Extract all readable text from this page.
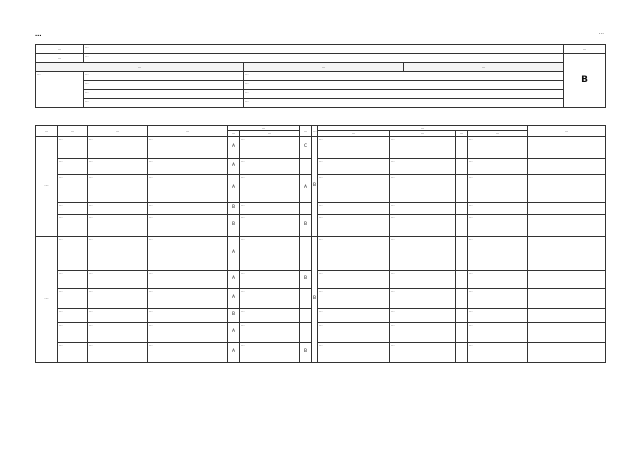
…	…
…	…			…
…	…			B
…		…	…	
…	…	…		
	…	…		
	…	…		
	…	…		
…	…	…	…	…		…	…	…				…
				…	…			…	…	…	…	
…	…	…	…	A	…	C	B	…	…		…	
	…	…	…	A	…			…	…		…	
	…	…	…	A	…	A		…	…		…	
	…	…	…	B	…			…	…		…	
	…	…	…	B	…	B		…	…		…	
…	…	…	…	A	…		B	…	…		…	
	…	…	…	A	…	B		…	…		…	
	…	…	…	A	…			…	…		…	
	…	…	…	B	…			…	…		…	
	…	…	…	A	…			…	…		…	
	…	…	…	A	…	B		…	…		…	
